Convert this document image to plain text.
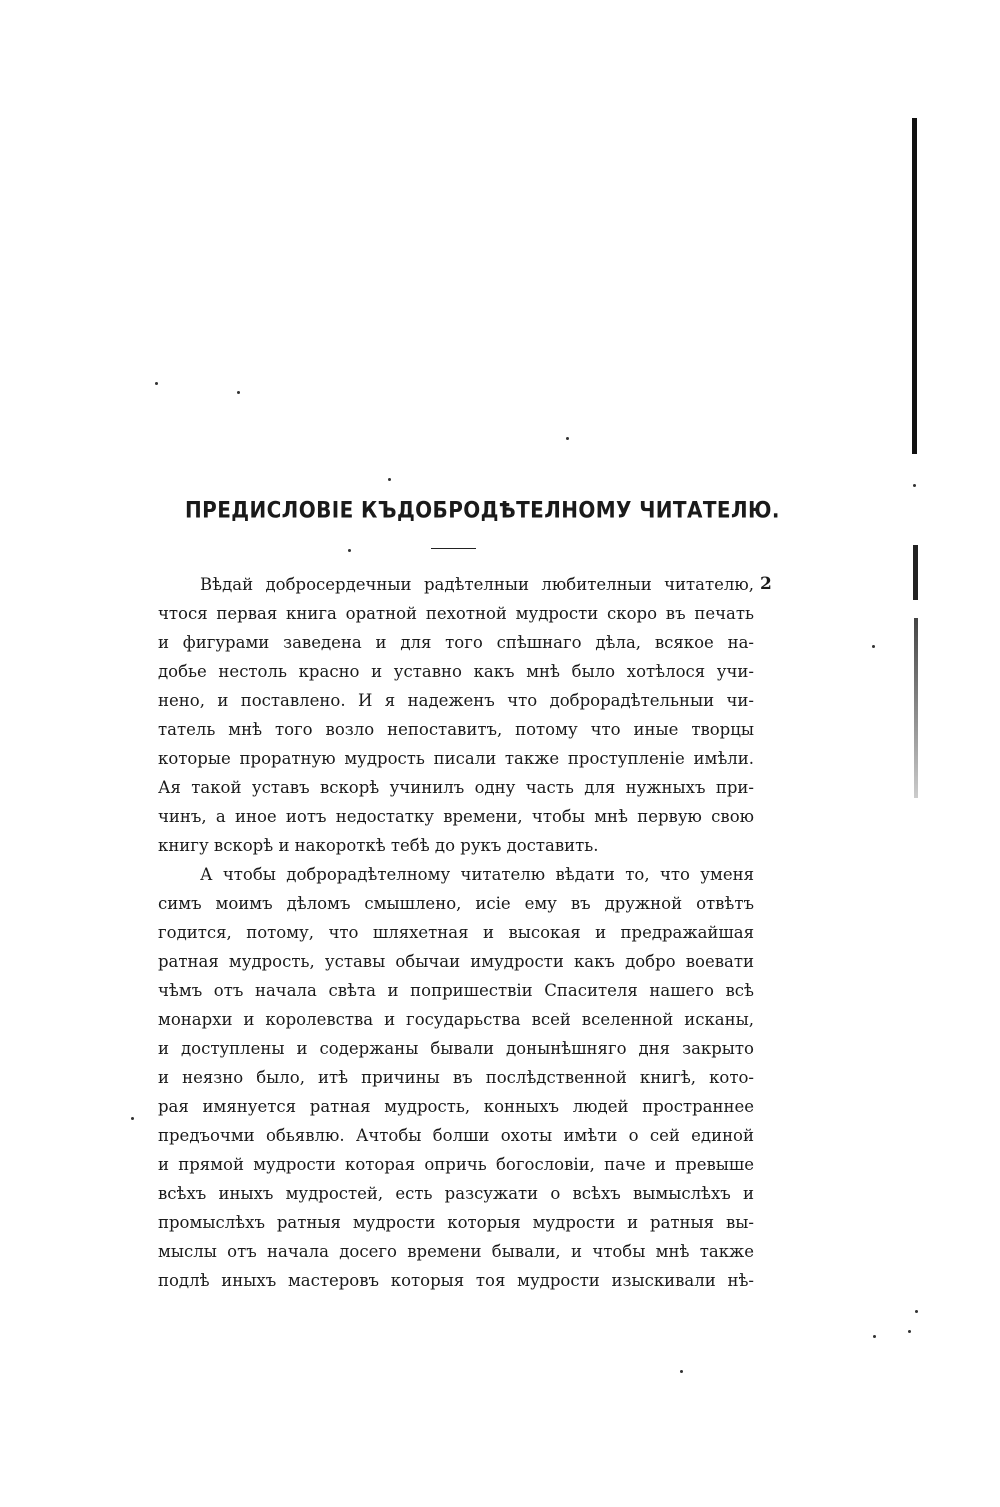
ПРЕДИСЛОВІЕ КЪДОБРОДѢТЕЛНОМУ ЧИТАТЕЛЮ.
2
Вѣдай добросердечныи радѣтелныи любителныи читателю,
чтося первая книга оратной пехотной мудрости скоро въ печать
и фигурами заведена и для того спѣшнаго дѣла, всякое на-
добье нестоль красно и уставно какъ мнѣ было хотѣлося учи-
нено, и поставлено. И я надеженъ что доброрадѣтельныи чи-
татель мнѣ того возло непоставитъ, потому что иные творцы
которые проратную мудрость писали также проступленіе имѣли.
Ая такой уставъ вскорѣ учинилъ одну часть для нужныхъ при-
чинъ, а иное иотъ недостатку времени, чтобы мнѣ первую свою
книгу вскорѣ и накороткѣ тебѣ до рукъ доставить.
А чтобы доброрадѣтелному читателю вѣдати то, что уменя
симъ моимъ дѣломъ смышлено, исіе ему въ дружной отвѣтъ
годится, потому, что шляхетная и высокая и предражайшая
ратная мудрость, уставы обычаи имудрости какъ добро воевати
чѣмъ отъ начала свѣта и попришествіи Спасителя нашего всѣ
монархи и королевства и государьства всей вселенной исканы,
и доступлены и содержаны бывали донынѣшняго дня закрыто
и неязно было, итѣ причины въ послѣдственной книгѣ, кото-
рая имянуется ратная мудрость, конныхъ людей пространнее
предъочми обьявлю. Ачтобы болши охоты имѣти о сей единой
и прямой мудрости которая опричь богословіи, паче и превыше
всѣхъ иныхъ мудростей, есть разсужати о всѣхъ вымыслѣхъ и
промыслѣхъ ратныя мудрости которыя мудрости и ратныя вы-
мыслы отъ начала досего времени бывали, и чтобы мнѣ также
подлѣ иныхъ мастеровъ которыя тоя мудрости изыскивали нѣ-
